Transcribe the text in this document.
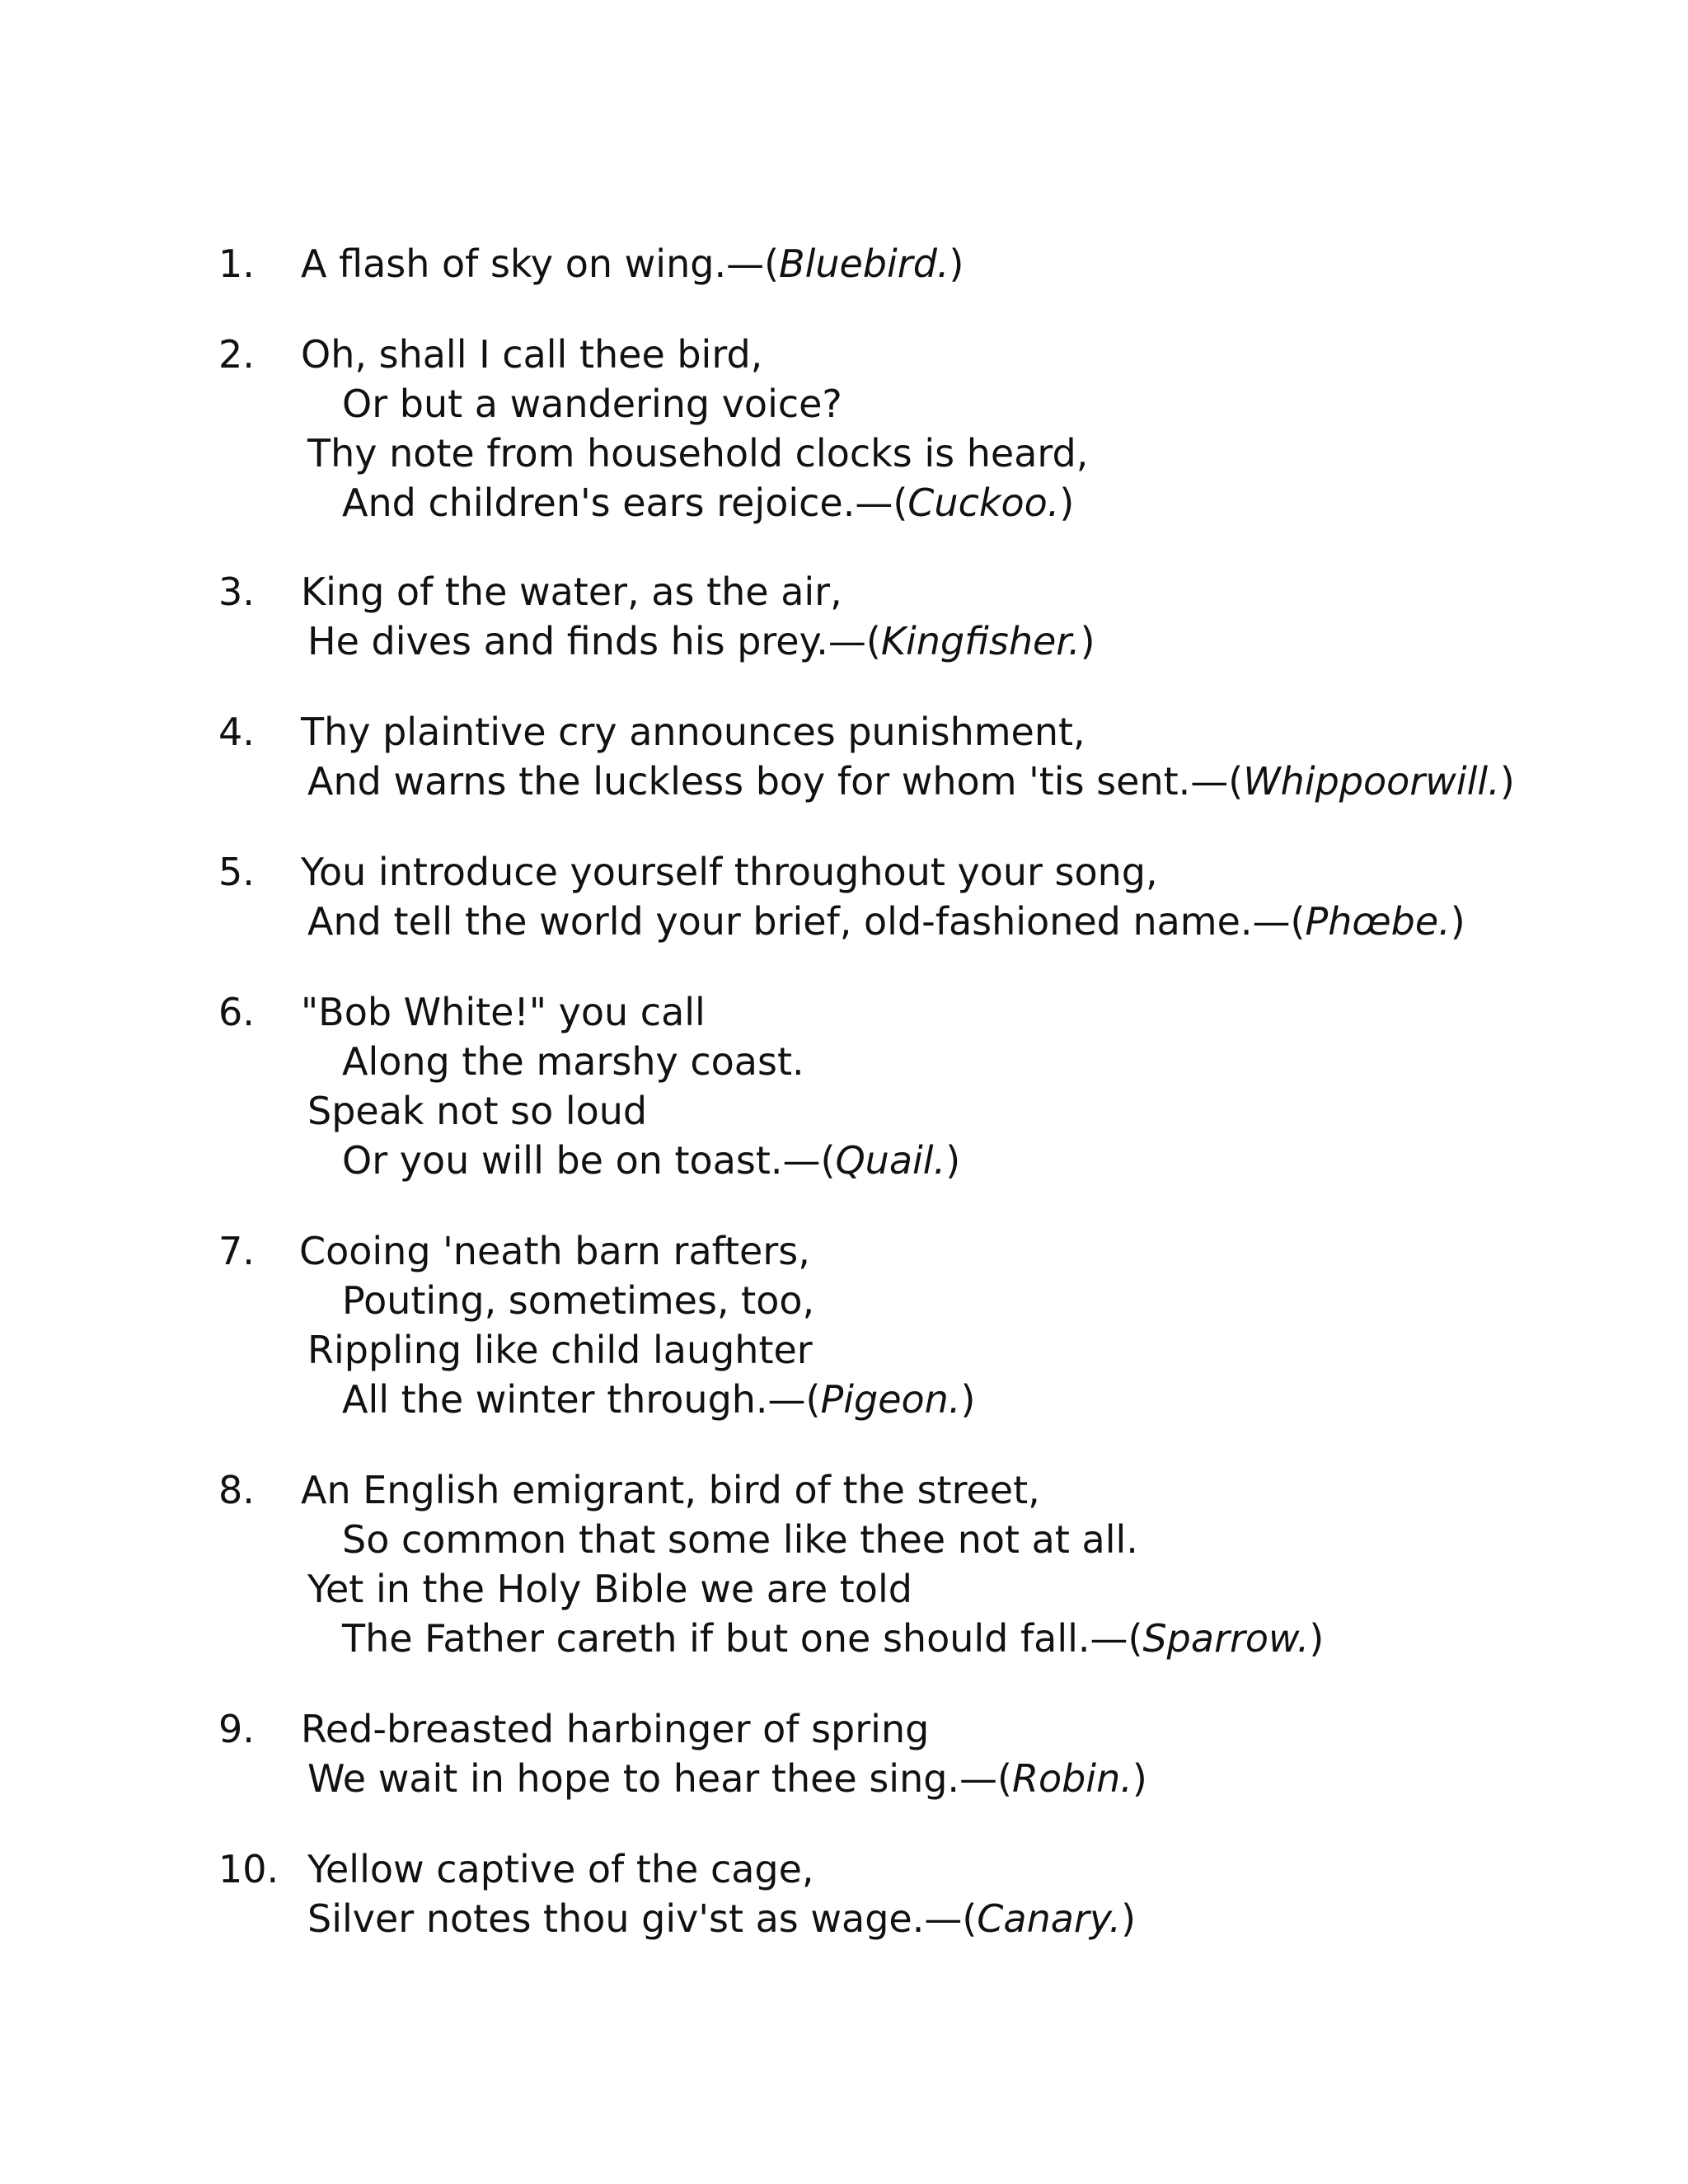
1. A flash of sky on wing.—(Bluebird.)
2. Oh, shall I call thee bird,
Or but a wandering voice?
Thy note from household clocks is heard,
And children's ears rejoice.—(Cuckoo.)
3. King of the water, as the air,
He dives and finds his prey.—(Kingfisher.)
4. Thy plaintive cry announces punishment,
And warns the luckless boy for whom 'tis sent.—(Whippoorwill.)
5. You introduce yourself throughout your song,
And tell the world your brief, old-fashioned name.—(Phœbe.)
6. "Bob White!" you call
Along the marshy coast.
Speak not so loud
Or you will be on toast.—(Quail.)
7. Cooing 'neath barn rafters,
Pouting, sometimes, too,
Rippling like child laughter
All the winter through.—(Pigeon.)
8. An English emigrant, bird of the street,
So common that some like thee not at all.
Yet in the Holy Bible we are told
The Father careth if but one should fall.—(Sparrow.)
9. Red-breasted harbinger of spring
We wait in hope to hear thee sing.—(Robin.)
10. Yellow captive of the cage,
Silver notes thou giv'st as wage.—(Canary.)
